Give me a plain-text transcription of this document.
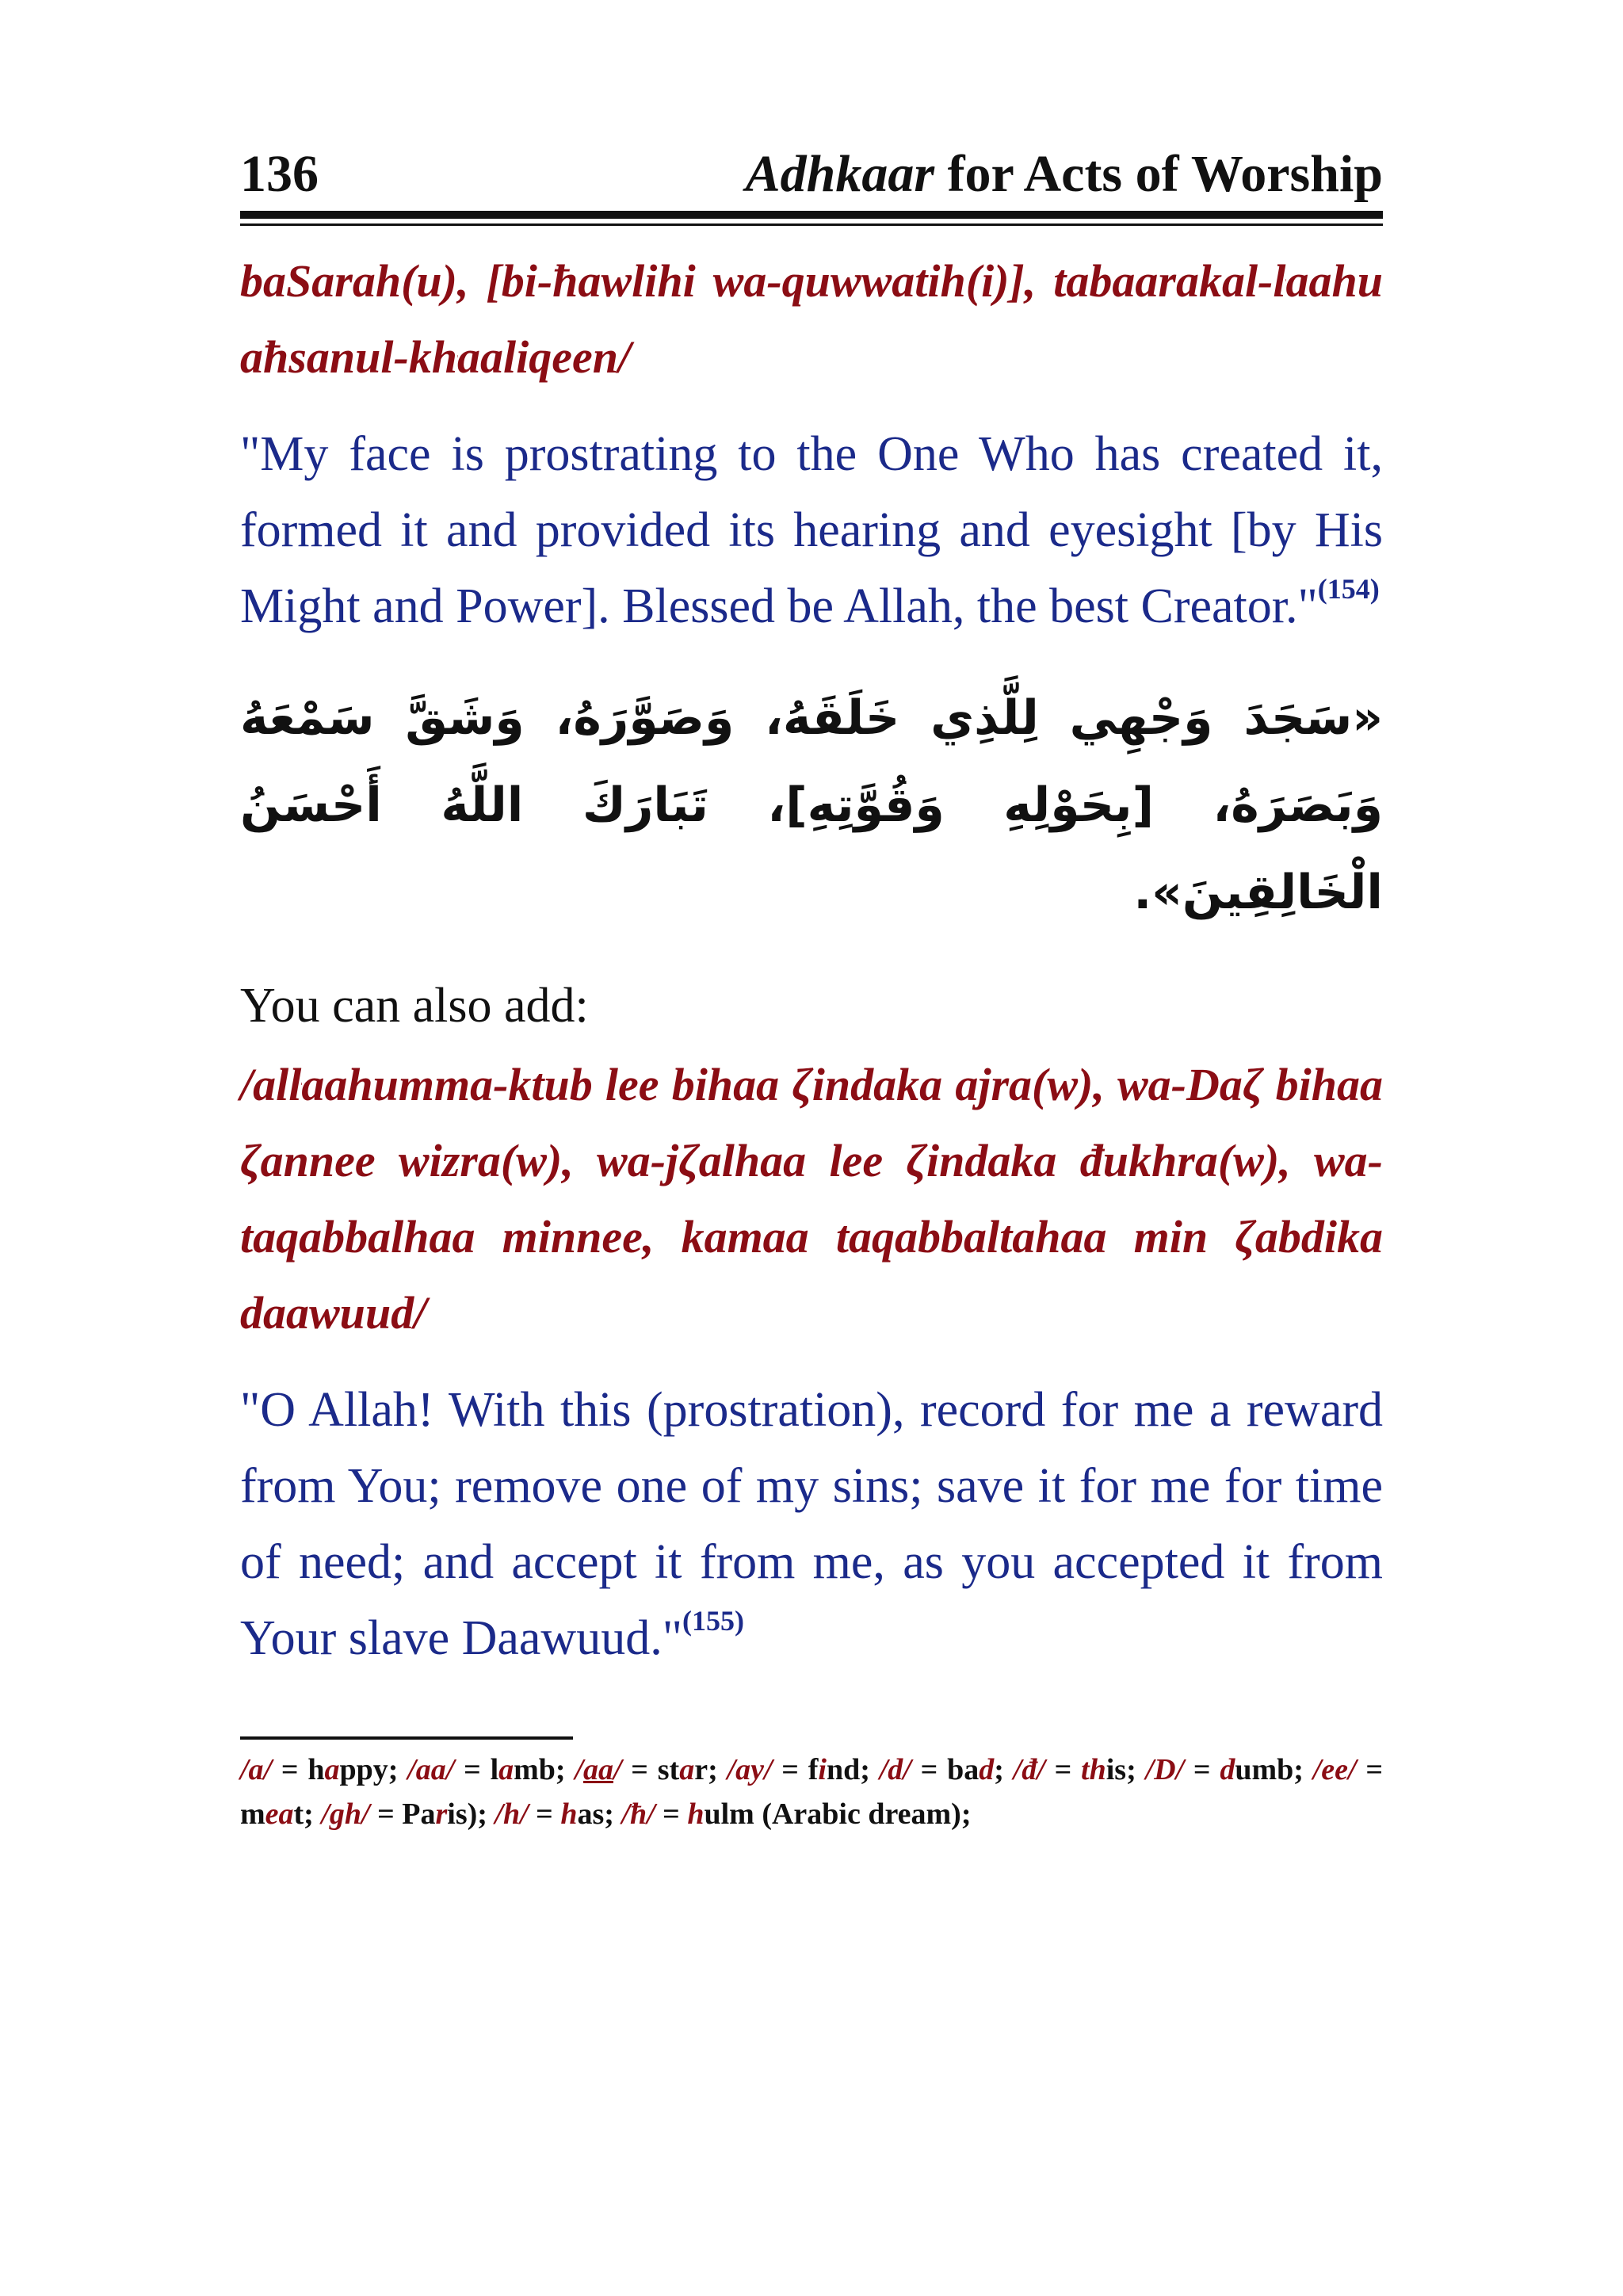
136	Adhkaar for Acts of Worship

baSarah(u), [bi-ħawlihi wa-quwwatih(i)], tabaarakal-laahu aħsanul-khaaliqeen/

"My face is prostrating to the One Who has created it, formed it and provided its hearing and eyesight [by His Might and Power]. Blessed be Allah, the best Creator."$^{(154)}$

«سَجَدَ وَجْهِي لِلَّذِي خَلَقَهُ، وَصَوَّرَهُ، وَشَقَّ سَمْعَهُ وَبَصَرَهُ، [بِحَوْلِهِ وَقُوَّتِهِ]، تَبَارَكَ اللَّهُ أَحْسَنُ الْخَالِقِينَ».

You can also add:

/allaahumma-ktub lee bihaa ζindaka ajra(w), wa-Daζ bihaa ζannee wizra(w), wa-jζalhaa lee ζindaka đukhra(w), wa-taqabbalhaa minnee, kamaa taqabbaltahaa min ζabdika daawuud/

"O Allah! With this (prostration), record for me a reward from You; remove one of my sins; save it for me for time of need; and accept it from me, as you accepted it from Your slave Daawuud."$^{(155)}$

/a/ = happy; /aa/ = lamb; /aa/ = star; /ay/ = find; /d/ = bad; /đ/ = this; /D/ = dumb; /ee/ = meat; /gh/ = Paris); /h/ = has; /ħ/ = hulm (Arabic dream);
